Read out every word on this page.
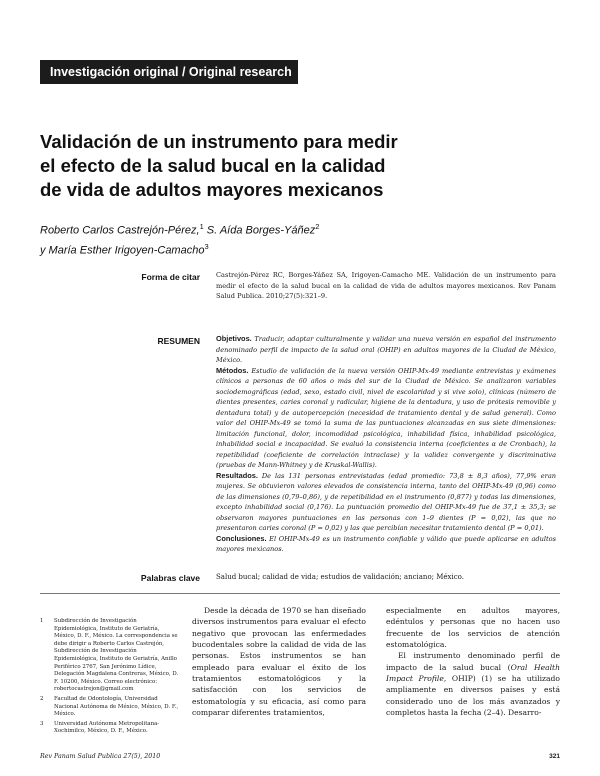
Investigación original / Original research
Validación de un instrumento para medir
el efecto de la salud bucal en la calidad
de vida de adultos mayores mexicanos
Roberto Carlos Castrejón-Pérez,$^1$ S. Aída Borges-Yáñez$^2$
y María Esther Irigoyen-Camacho$^3$
Forma de citar Castrejón-Pérez RC, Borges-Yáñez SA, Irigoyen-Camacho ME. Validación de un instrumento para medir el efecto de la salud bucal en la calidad de vida de adultos mayores mexicanos. Rev Panam Salud Publica. 2010;27(5):321–9.
RESUMEN Objetivos. Traducir, adaptar culturalmente y validar una nueva versión en español del instrumento denominado perfil de impacto de la salud oral (OHIP) en adultos mayores de la Ciudad de México, México.

Métodos. Estudio de validación de la nueva versión OHIP-Mx-49 mediante entrevistas y exámenes clínicos a personas de 60 años o más del sur de la Ciudad de México. Se analizaron variables sociodemográficas (edad, sexo, estado civil, nivel de escolaridad y si vive solo), clínicas (número de dientes presentes, caries coronal y radicular, higiene de la dentadura, y uso de prótesis removible y dentadura total) y de autopercepción (necesidad de tratamiento dental y de salud general). Como valor del OHIP-Mx-49 se tomó la suma de las puntuaciones alcanzadas en sus siete dimensiones: limitación funcional, dolor, incomodidad psicológica, inhabilidad física, inhabilidad psicológica, inhabilidad social e incapacidad. Se evaluó la consistencia interna (coeficientes α de Cronbach), la repetibilidad (coeficiente de correlación intraclase) y la validez convergente y discriminativa (pruebas de Mann-Whitney y de Kruskal-Wallis).

Resultados. De las 131 personas entrevistadas (edad promedio: 73,8 ± 8,3 años), 77,9% eran mujeres. Se obtuvieron valores elevados de consistencia interna, tanto del OHIP-Mx-49 (0,96) como de las dimensiones (0,79–0,86), y de repetibilidad en el instrumento (0,877) y todas las dimensiones, excepto inhabilidad social (0,176). La puntuación promedio del OHIP-Mx-49 fue de 37,1 ± 35,3; se observaron mayores puntuaciones en las personas con 1–9 dientes (P = 0,02), las que no presentaron caries coronal (P = 0,02) y las que percibían necesitar tratamiento dental (P = 0,01).

Conclusiones. El OHIP-Mx-49 es un instrumento confiable y válido que puede aplicarse en adultos mayores mexicanos.

Palabras clave Salud bucal; calidad de vida; estudios de validación; anciano; México.
1 Subdirección de Investigación Epidemiológica, Instituto de Geriatría, México, D. F., México. La correspondencia se debe dirigir a Roberto Carlos Castrejón, Subdirección de Investigación Epidemiológica, Instituto de Geriatría, Anillo Periférico 2767, San Jerónimo Lídice, Delegación Magdalena Contreras, México, D. F. 10200, México. Correo electrónico: robertocastrejon@gmail.com
2 Facultad de Odontología, Universidad Nacional Autónoma de México, México, D. F., México.
3 Universidad Autónoma Metropolitana-Xochimilco, México, D. F., México.

Desde la década de 1970 se han diseñado diversos instrumentos para evaluar el efecto negativo que provocan las enfermedades bucodentales sobre la calidad de vida de las personas. Estos instrumentos se han empleado para evaluar el éxito de los tratamientos estomatológicos y la satisfacción con los servicios de estomatología y su eficacia, así como para comparar diferentes tratamientos,

especialmente en adultos mayores, edéntulos y personas que no hacen uso frecuente de los servicios de atención estomatológica.

El instrumento denominado perfil de impacto de la salud bucal (Oral Health Impact Profile, OHIP) (1) se ha utilizado ampliamente en diversos países y está considerado uno de los más avanzados y completos hasta la fecha (2–4). Desarro-

Rev Panam Salud Publica 27(5), 2010	321
